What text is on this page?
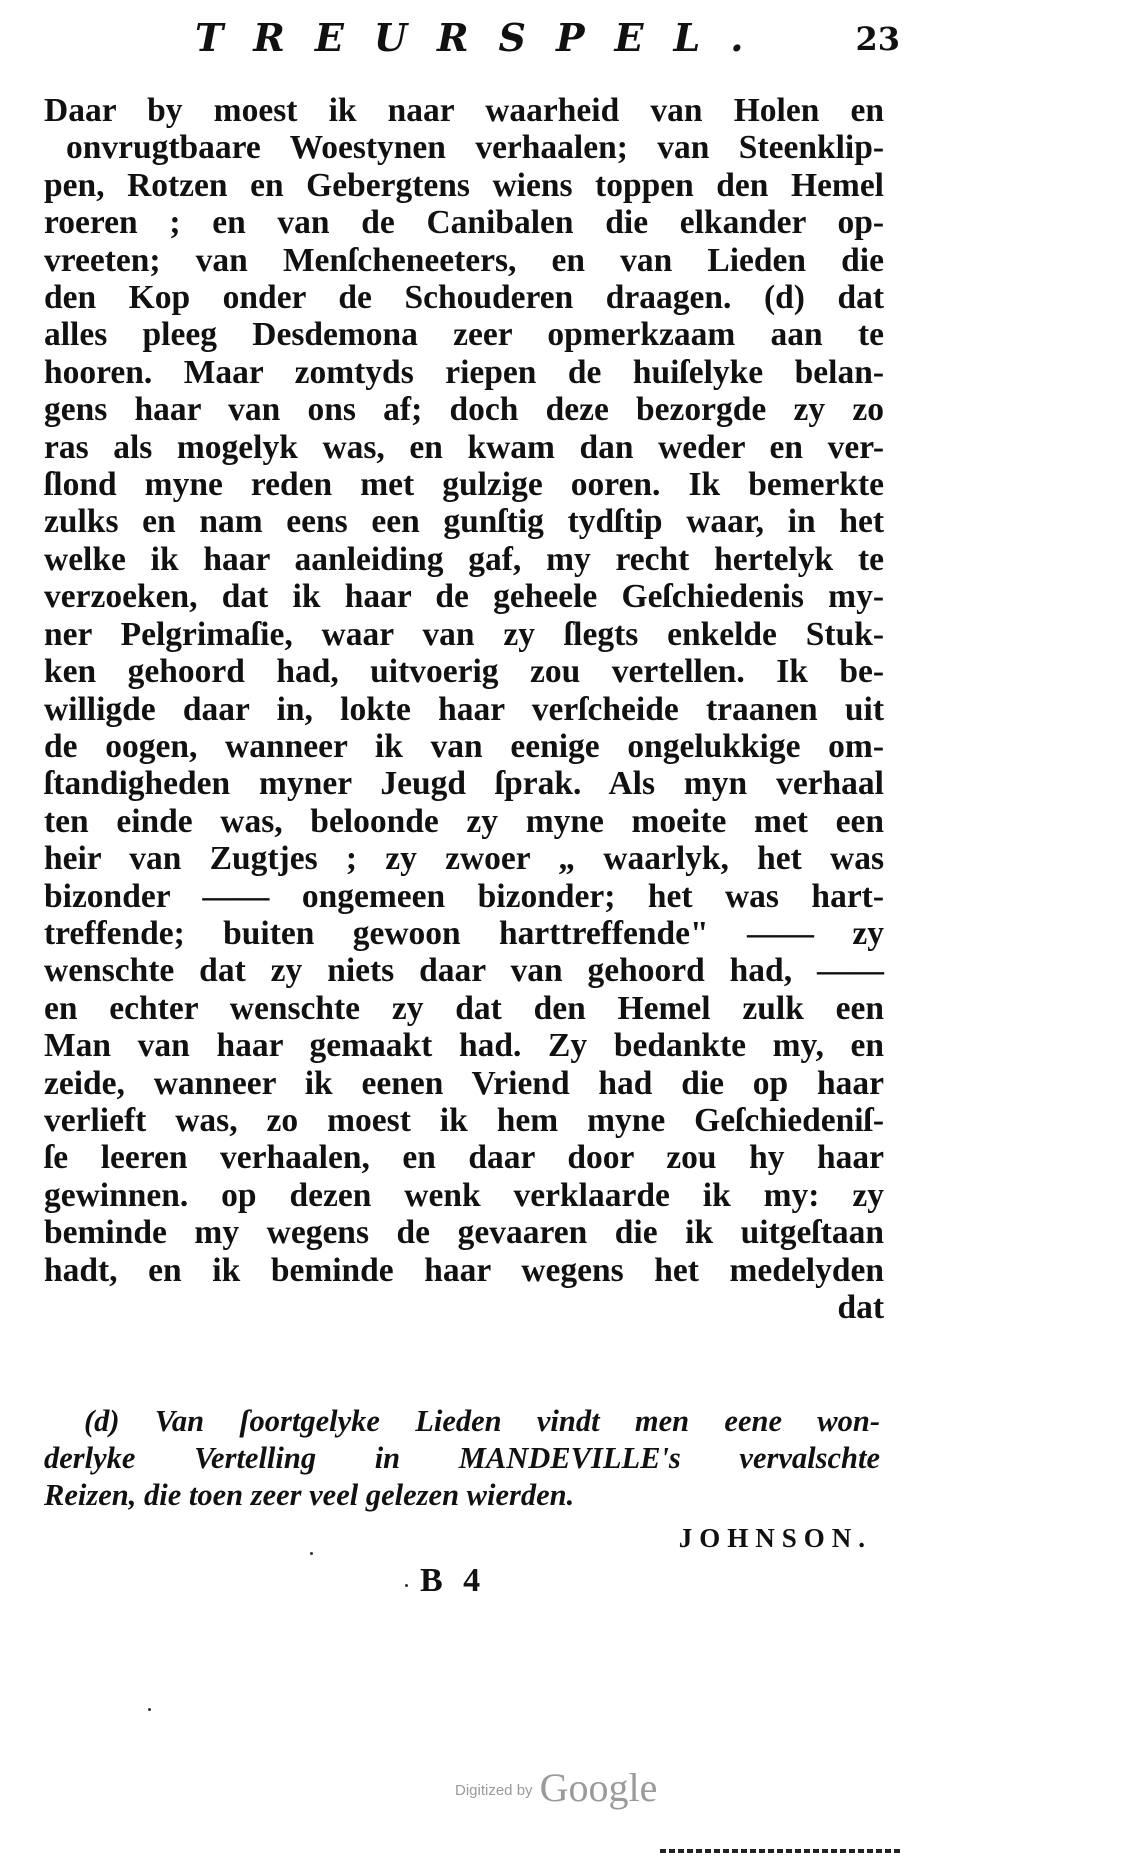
TREURSPEL.	23
Daar by moest ik naar waarheid van Holen en
onvrugtbaare Woestynen verhaalen; van Steenklip-
pen, Rotzen en Gebergtens wiens toppen den Hemel
roeren ; en van de Canibalen die elkander op-
vreeten; van Menſcheneeters, en van Lieden die
den Kop onder de Schouderen draagen. (d) dat
alles pleeg Desdemona zeer opmerkzaam aan te
hooren. Maar zomtyds riepen de huiſelyke belan-
gens haar van ons af; doch deze bezorgde zy zo
ras als mogelyk was, en kwam dan weder en ver-
ſlond myne reden met gulzige ooren. Ik bemerkte
zulks en nam eens een gunſtig tydſtip waar, in het
welke ik haar aanleiding gaf, my recht hertelyk te
verzoeken, dat ik haar de geheele Geſchiedenis my-
ner Pelgrimaſie, waar van zy ſlegts enkelde Stuk-
ken gehoord had, uitvoerig zou vertellen. Ik be-
willigde daar in, lokte haar verſcheide traanen uit
de oogen, wanneer ik van eenige ongelukkige om-
ſtandigheden myner Jeugd ſprak. Als myn verhaal
ten einde was, beloonde zy myne moeite met een
heir van Zugtjes ; zy zwoer „ waarlyk, het was
bizonder —— ongemeen bizonder; het was hart-
treffende; buiten gewoon harttreffende" —— zy
wenschte dat zy niets daar van gehoord had, ——
en echter wenschte zy dat den Hemel zulk een
Man van haar gemaakt had. Zy bedankte my, en
zeide, wanneer ik eenen Vriend had die op haar
verlieft was, zo moest ik hem myne Geſchiedeniſ-
ſe leeren verhaalen, en daar door zou hy haar
gewinnen. op dezen wenk verklaarde ik my: zy
beminde my wegens de gevaaren die ik uitgeſtaan
hadt, en ik beminde haar wegens het medelyden
dat
(d) Van ſoortgelyke Lieden vindt men eene won-
derlyke Vertelling in MANDEVILLE's vervalschte
Reizen, die toen zeer veel gelezen wierden.
JOHNSON.
B 4
Digitized by Google
